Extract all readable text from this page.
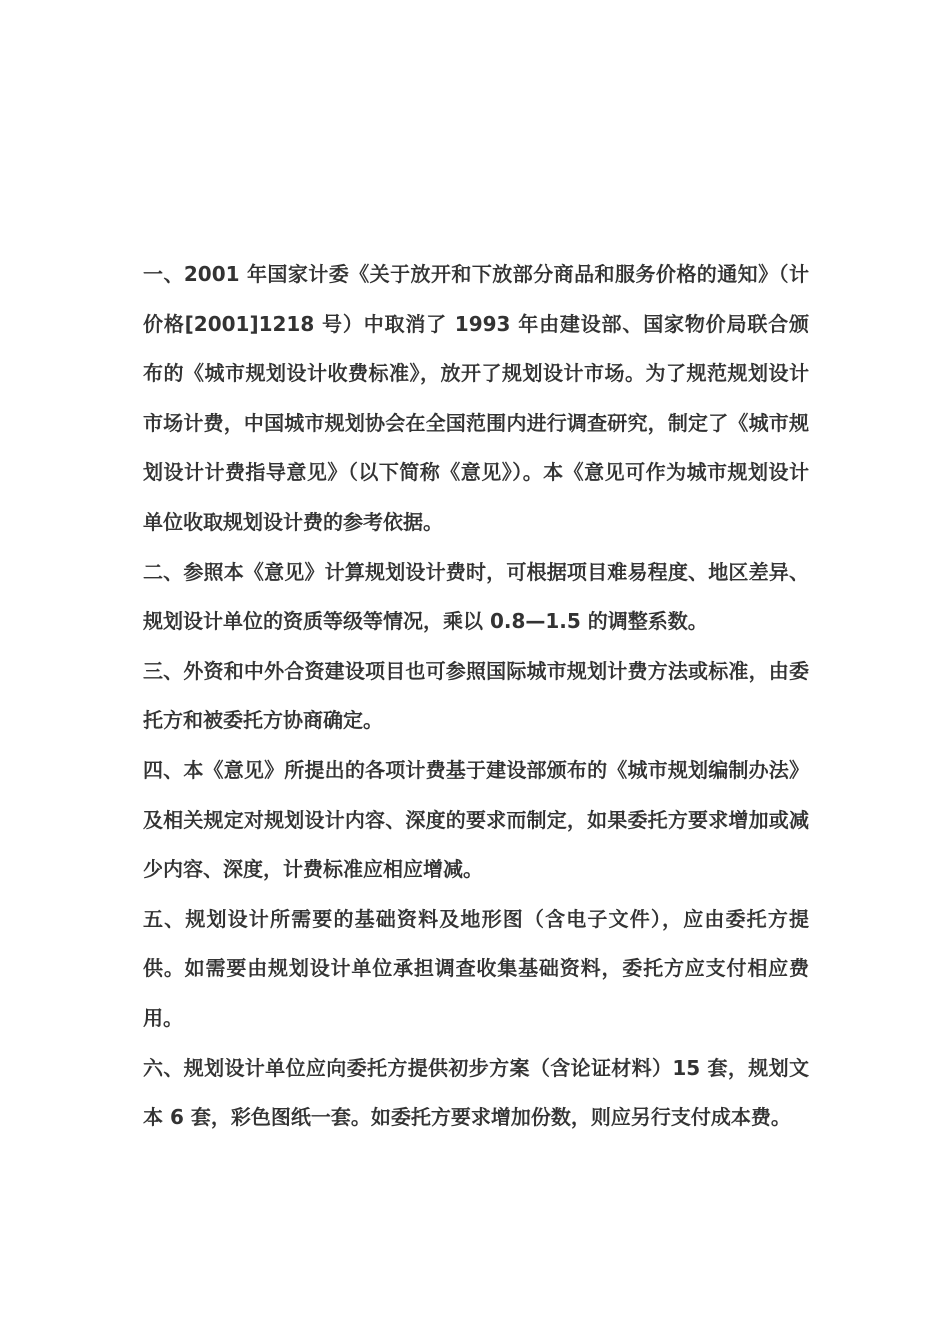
一、2001 年国家计委《关于放开和下放部分商品和服务价格的通知》（计价格[2001]1218 号）中取消了 1993 年由建设部、国家物价局联合颁布的《城市规划设计收费标准》，放开了规划设计市场。为了规范规划设计市场计费，中国城市规划协会在全国范围内进行调查研究，制定了《城市规划设计计费指导意见》（以下简称《意见》）。本《意见可作为城市规划设计单位收取规划设计费的参考依据。

二、参照本《意见》计算规划设计费时，可根据项目难易程度、地区差异、规划设计单位的资质等级等情况，乘以 0.8—1.5 的调整系数。

三、外资和中外合资建设项目也可参照国际城市规划计费方法或标准，由委托方和被委托方协商确定。

四、本《意见》所提出的各项计费基于建设部颁布的《城市规划编制办法》及相关规定对规划设计内容、深度的要求而制定，如果委托方要求增加或减少内容、深度，计费标准应相应增减。

五、规划设计所需要的基础资料及地形图（含电子文件），应由委托方提供。如需要由规划设计单位承担调查收集基础资料，委托方应支付相应费用。

六、规划设计单位应向委托方提供初步方案（含论证材料）15 套，规划文本 6 套，彩色图纸一套。如委托方要求增加份数，则应另行支付成本费。
